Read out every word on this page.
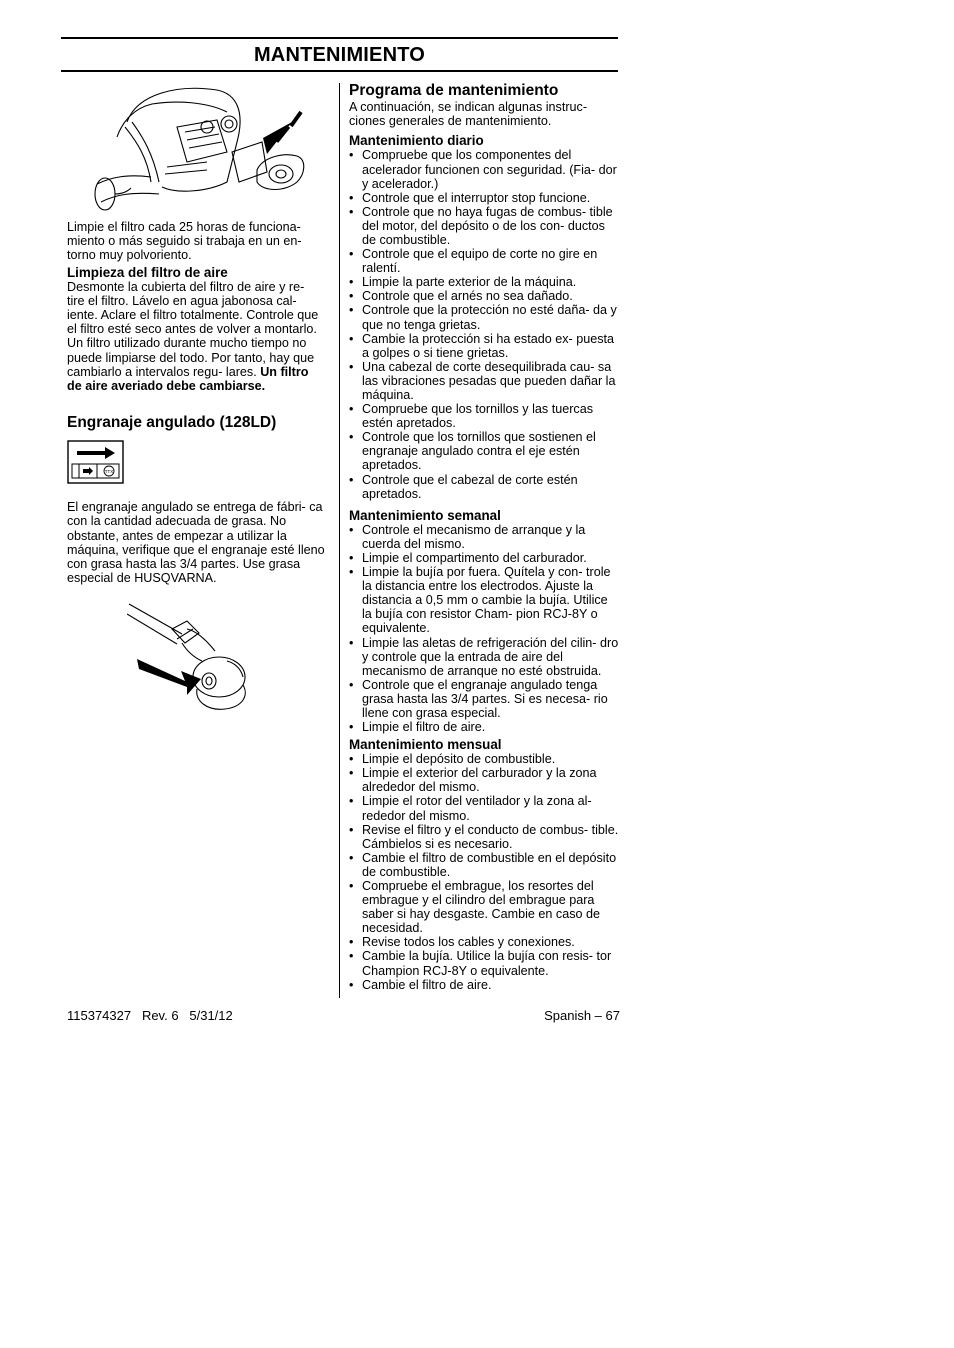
MANTENIMIENTO
Limpie el filtro cada 25 horas de funciona- miento o más seguido si trabaja en un en- torno muy polvoriento.
Limpieza del filtro de aire
Desmonte la cubierta del filtro de aire y re- tire el filtro. Lávelo en agua jabonosa cal- iente. Aclare el filtro totalmente. Controle que el filtro esté seco antes de volver a montarlo. Un filtro utilizado durante mucho tiempo no puede limpiarse del todo. Por tanto, hay que cambiarlo a intervalos regu- lares. Un filtro de aire averiado debe cambiarse.
Engranaje angulado (128LD)
TTX
El engranaje angulado se entrega de fábri- ca con la cantidad adecuada de grasa. No obstante, antes de empezar a utilizar la máquina, verifique que el engranaje esté lleno con grasa hasta las 3/4 partes. Use grasa especial de HUSQVARNA.
Programa de mantenimiento
A continuación, se indican algunas instruc- ciones generales de mantenimiento.
Mantenimiento diario
• Compruebe que los componentes del acelerador funcionen con seguridad. (Fia- dor y acelerador.)
• Controle que el interruptor stop funcione.
• Controle que no haya fugas de combus- tible del motor, del depósito o de los con- ductos de combustible.
• Controle que el equipo de corte no gire en ralentí.
• Limpie la parte exterior de la máquina.
• Controle que el arnés no sea dañado.
• Controle que la protección no esté daña- da y que no tenga grietas.
• Cambie la protección si ha estado ex- puesta a golpes o si tiene grietas.
• Una cabezal de corte desequilibrada cau- sa las vibraciones pesadas que pueden dañar la máquina.
• Compruebe que los tornillos y las tuercas estén apretados.
• Controle que los tornillos que sostienen el engranaje angulado contra el eje estén apretados.
• Controle que el cabezal de corte estén apretados.
Mantenimiento semanal
• Controle el mecanismo de arranque y la cuerda del mismo.
• Limpie el compartimento del carburador.
• Limpie la bujía por fuera. Quítela y con- trole la distancia entre los electrodos. Ajuste la distancia a 0,5 mm o cambie la bujía. Utilice la bujía con resistor Cham- pion RCJ-8Y o equivalente.
• Limpie las aletas de refrigeración del cilin- dro y controle que la entrada de aire del mecanismo de arranque no esté obstruida.
• Controle que el engranaje angulado tenga grasa hasta las 3/4 partes. Si es necesa- rio llene con grasa especial.
• Limpie el filtro de aire.
Mantenimiento mensual
• Limpie el depósito de combustible.
• Limpie el exterior del carburador y la zona alrededor del mismo.
• Limpie el rotor del ventilador y la zona al- rededor del mismo.
• Revise el filtro y el conducto de combus- tible. Cámbielos si es necesario.
• Cambie el filtro de combustible en el depósito de combustible.
• Compruebe el embrague, los resortes del embrague y el cilindro del embrague para saber si hay desgaste. Cambie en caso de necesidad.
• Revise todos los cables y conexiones.
• Cambie la bujía. Utilice la bujía con resis- tor Champion RCJ-8Y o equivalente.
• Cambie el filtro de aire.
115374327   Rev. 6   5/31/12	Spanish – 67
